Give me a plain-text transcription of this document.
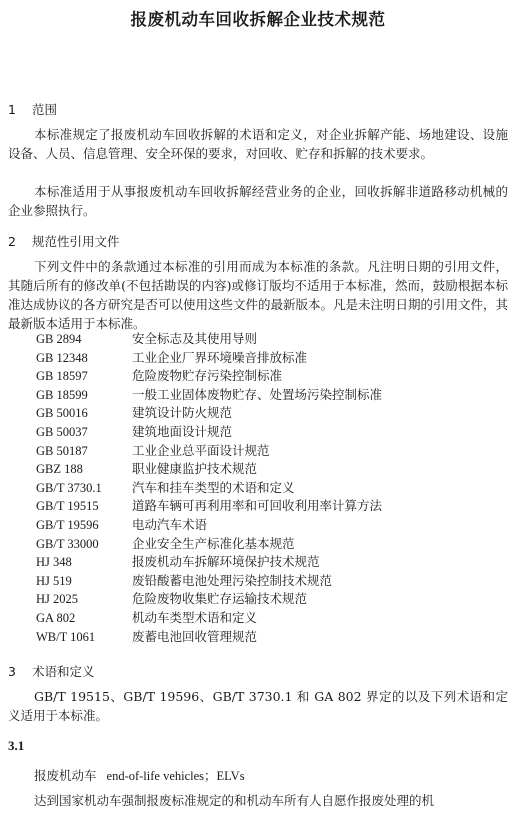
报废机动车回收拆解企业技术规范
1 范围
本标准规定了报废机动车回收拆解的术语和定义，对企业拆解产能、场地建设、设施设备、人员、信息管理、安全环保的要求，对回收、贮存和拆解的技术要求。
本标准适用于从事报废机动车回收拆解经营业务的企业，回收拆解非道路移动机械的企业参照执行。
2 规范性引用文件
下列文件中的条款通过本标准的引用而成为本标准的条款。凡注明日期的引用文件，其随后所有的修改单(不包括勘误的内容)或修订版均不适用于本标准，然而，鼓励根据本标准达成协议的各方研究是否可以使用这些文件的最新版本。凡是未注明日期的引用文件，其最新版本适用于本标准。
GB 2894	安全标志及其使用导则
GB 12348	工业企业厂界环境噪音排放标准
GB 18597	危险废物贮存污染控制标准
GB 18599	一般工业固体废物贮存、处置场污染控制标准
GB 50016	建筑设计防火规范
GB 50037	建筑地面设计规范
GB 50187	工业企业总平面设计规范
GBZ 188	职业健康监护技术规范
GB/T 3730.1 汽车和挂车类型的术语和定义
GB/T 19515	道路车辆可再利用率和可回收利用率计算方法
GB/T 19596	电动汽车术语
GB/T 33000	企业安全生产标准化基本规范
HJ 348	报废机动车拆解环境保护技术规范
HJ 519	废铅酸蓄电池处理污染控制技术规范
HJ 2025	危险废物收集贮存运输技术规范
GA 802	机动车类型术语和定义
WB/T 1061	废蓄电池回收管理规范
3 术语和定义
GB/T 19515、GB/T 19596、GB/T 3730.1 和 GA 802 界定的以及下列术语和定义适用于本标准。
3.1
报废机动车 end-of-life vehicles；ELVs
达到国家机动车强制报废标准规定的和机动车所有人自愿作报废处理的机
